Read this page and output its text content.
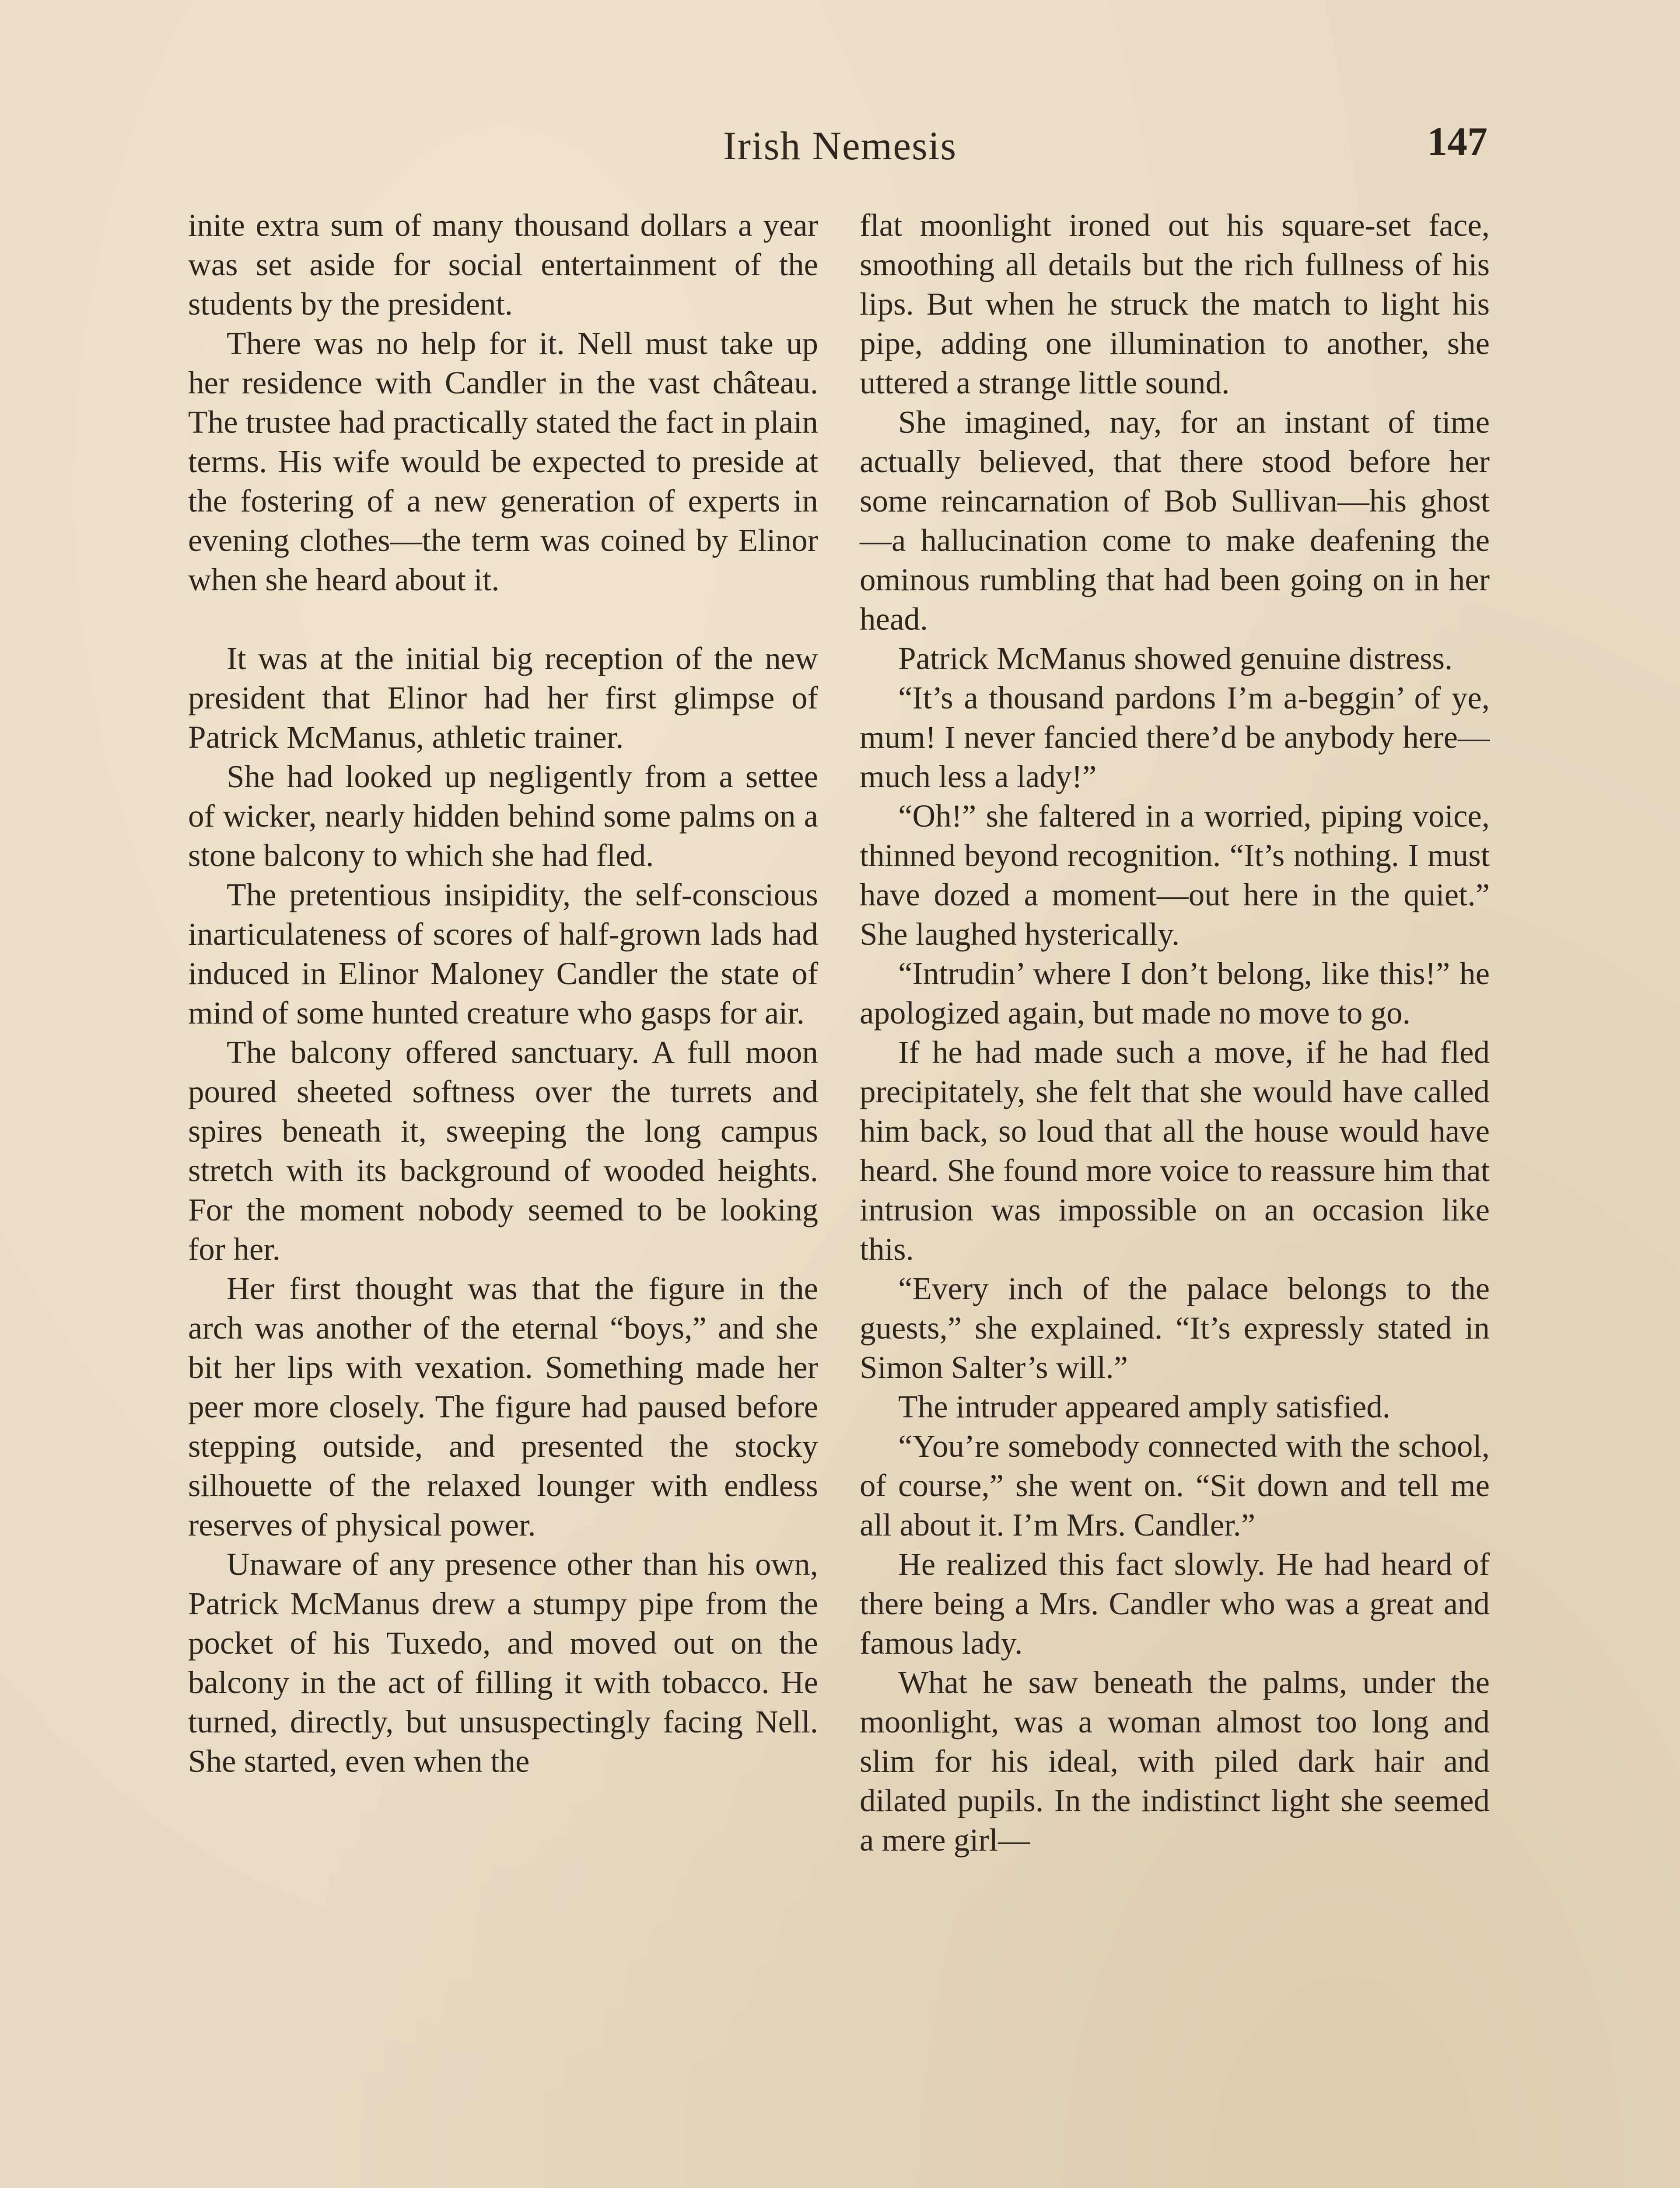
Irish Nemesis	147

inite extra sum of many thousand dollars a year was set aside for social entertainment of the students by the president.

There was no help for it. Nell must take up her residence with Candler in the vast château. The trustee had practically stated the fact in plain terms. His wife would be expected to preside at the fostering of a new generation of experts in evening clothes—the term was coined by Elinor when she heard about it.

It was at the initial big reception of the new president that Elinor had her first glimpse of Patrick McManus, athletic trainer.

She had looked up negligently from a settee of wicker, nearly hidden behind some palms on a stone balcony to which she had fled.

The pretentious insipidity, the self-conscious inarticulateness of scores of half-grown lads had induced in Elinor Maloney Candler the state of mind of some hunted creature who gasps for air.

The balcony offered sanctuary. A full moon poured sheeted softness over the turrets and spires beneath it, sweeping the long campus stretch with its background of wooded heights. For the moment nobody seemed to be looking for her.

Her first thought was that the figure in the arch was another of the eternal “boys,” and she bit her lips with vexation. Something made her peer more closely. The figure had paused before stepping outside, and presented the stocky silhouette of the relaxed lounger with endless reserves of physical power.

Unaware of any presence other than his own, Patrick McManus drew a stumpy pipe from the pocket of his Tuxedo, and moved out on the balcony in the act of filling it with tobacco. He turned, directly, but unsuspectingly facing Nell. She started, even when the

flat moonlight ironed out his square-set face, smoothing all details but the rich fullness of his lips. But when he struck the match to light his pipe, adding one illumination to another, she uttered a strange little sound.

She imagined, nay, for an instant of time actually believed, that there stood before her some reincarnation of Bob Sullivan—his ghost—a hallucination come to make deafening the ominous rumbling that had been going on in her head.

Patrick McManus showed genuine distress.

“It’s a thousand pardons I’m a-beggin’ of ye, mum! I never fancied there’d be anybody here—much less a lady!”

“Oh!” she faltered in a worried, piping voice, thinned beyond recognition. “It’s nothing. I must have dozed a moment—out here in the quiet.” She laughed hysterically.

“Intrudin’ where I don’t belong, like this!” he apologized again, but made no move to go.

If he had made such a move, if he had fled precipitately, she felt that she would have called him back, so loud that all the house would have heard. She found more voice to reassure him that intrusion was impossible on an occasion like this.

“Every inch of the palace belongs to the guests,” she explained. “It’s expressly stated in Simon Salter’s will.”

The intruder appeared amply satisfied.

“You’re somebody connected with the school, of course,” she went on. “Sit down and tell me all about it. I’m Mrs. Candler.”

He realized this fact slowly. He had heard of there being a Mrs. Candler who was a great and famous lady.

What he saw beneath the palms, under the moonlight, was a woman almost too long and slim for his ideal, with piled dark hair and dilated pupils. In the indistinct light she seemed a mere girl—
